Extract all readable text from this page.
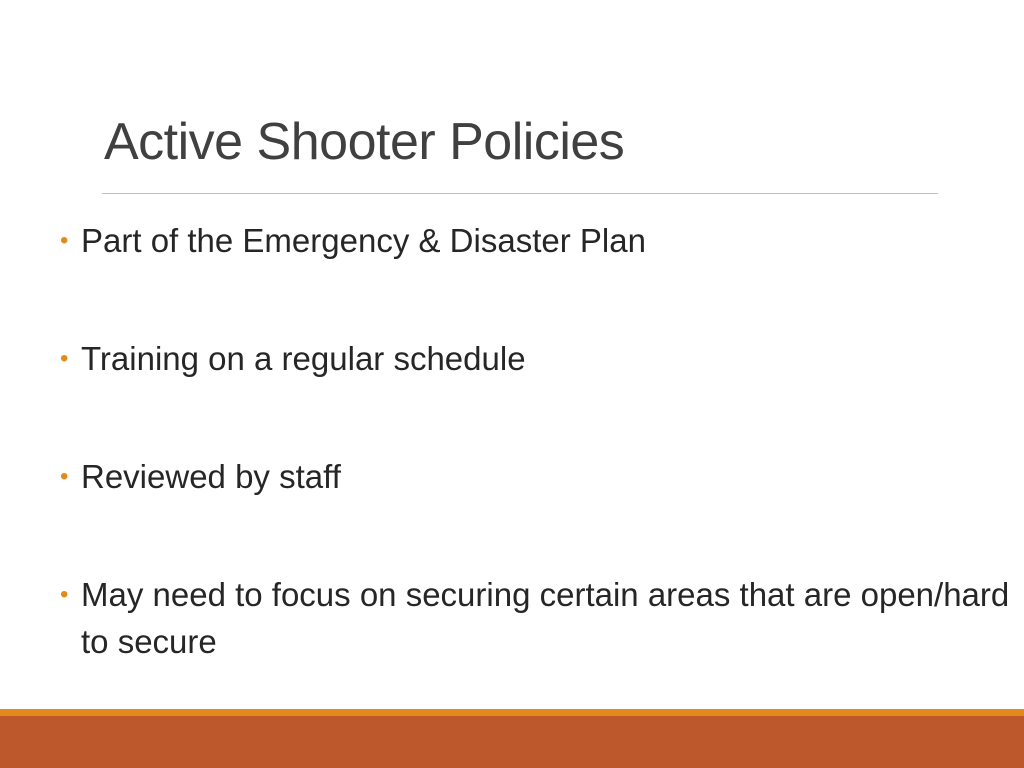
Active Shooter Policies
• Part of the Emergency & Disaster Plan
• Training on a regular schedule
• Reviewed by staff
• May need to focus on securing certain areas that are open/hard to secure
